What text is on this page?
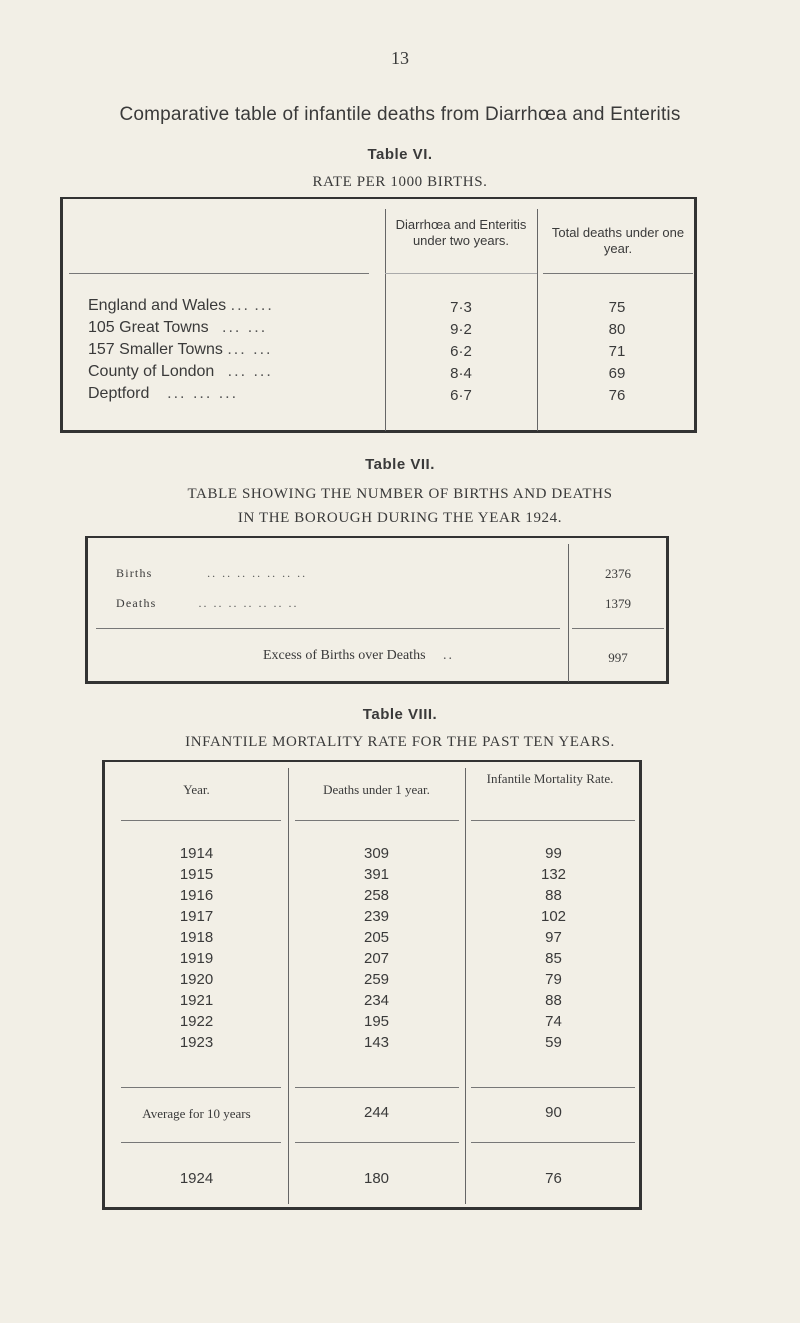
13
Comparative table of infantile deaths from Diarrhœa and Enteritis
Table VI.
RATE PER 1000 BIRTHS.
Diarrhœa and Enteritis under two years.
Total deaths under one year.
England and Wales ... ...	7·3	75
105 Great Towns ... ...	9·2	80
157 Smaller Towns ... ...	6·2	71
County of London ... ...	8·4	69
Deptford ... ... ...	6·7	76
Table VII.
TABLE SHOWING THE NUMBER OF BIRTHS AND DEATHS
IN THE BOROUGH DURING THE YEAR 1924.
Births	.. .. .. .. .. .. ..	2376
Deaths	.. .. .. .. .. .. ..	1379
Excess of Births over Deaths ..	997
Table VIII.
INFANTILE MORTALITY RATE FOR THE PAST TEN YEARS.
Year.	Deaths under 1 year.
Infantile Mortality Rate.
1914	309	99
1915	391	132
1916	258	88
1917	239	102
1918	205	97
1919	207	85
1920	259	79
1921	234	88
1922	195	74
1923	143	59
Average for 10 years	244	90
1924	180	76
